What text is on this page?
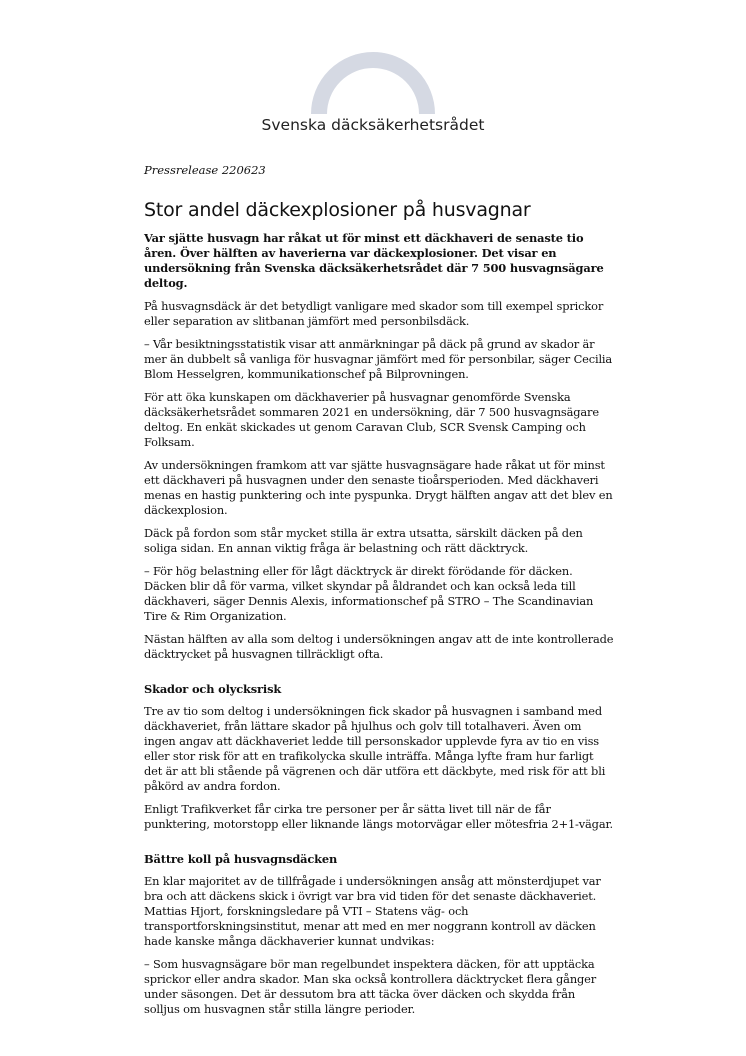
Svenska däcksäkerhetsrådet
Pressrelease 220623
Stor andel däckexplosioner på husvagnar

Var sjätte husvagn har råkat ut för minst ett däckhaveri de senaste tio åren. Över hälften av haverierna var däckexplosioner. Det visar en undersökning från Svenska däcksäkerhetsrådet där 7 500 husvagnsägare deltog.

På husvagnsdäck är det betydligt vanligare med skador som till exempel sprickor eller separation av slitbanan jämfört med personbilsdäck.

– Vår besiktningsstatistik visar att anmärkningar på däck på grund av skador är mer än dubbelt så vanliga för husvagnar jämfört med för personbilar, säger Cecilia Blom Hesselgren, kommunikationschef på Bilprovningen.

För att öka kunskapen om däckhaverier på husvagnar genomförde Svenska däcksäkerhetsrådet sommaren 2021 en undersökning, där 7 500 husvagnsägare deltog. En enkät skickades ut genom Caravan Club, SCR Svensk Camping och Folksam.

Av undersökningen framkom att var sjätte husvagnsägare hade råkat ut för minst ett däckhaveri på husvagnen under den senaste tioårsperioden. Med däckhaveri menas en hastig punktering och inte pyspunka. Drygt hälften angav att det blev en däckexplosion.

Däck på fordon som står mycket stilla är extra utsatta, särskilt däcken på den soliga sidan. En annan viktig fråga är belastning och rätt däcktryck.

– För hög belastning eller för lågt däcktryck är direkt förödande för däcken. Däcken blir då för varma, vilket skyndar på åldrandet och kan också leda till däckhaveri, säger Dennis Alexis, informationschef på STRO – The Scandinavian Tire & Rim Organization.

Nästan hälften av alla som deltog i undersökningen angav att de inte kontrollerade däcktrycket på husvagnen tillräckligt ofta.

Skador och olycksrisk

Tre av tio som deltog i undersökningen fick skador på husvagnen i samband med däckhaveriet, från lättare skador på hjulhus och golv till totalhaveri. Även om ingen angav att däckhaveriet ledde till personskador upplevde fyra av tio en viss eller stor risk för att en trafikolycka skulle inträffa. Många lyfte fram hur farligt det är att bli stående på vägrenen och där utföra ett däckbyte, med risk för att bli påkörd av andra fordon.

Enligt Trafikverket får cirka tre personer per år sätta livet till när de får punktering, motorstopp eller liknande längs motorvägar eller mötesfria 2+1-vägar.

Bättre koll på husvagnsdäcken

En klar majoritet av de tillfrågade i undersökningen ansåg att mönsterdjupet var bra och att däckens skick i övrigt var bra vid tiden för det senaste däckhaveriet. Mattias Hjort, forskningsledare på VTI – Statens väg- och transportforskningsinstitut, menar att med en mer noggrann kontroll av däcken hade kanske många däckhaverier kunnat undvikas:

– Som husvagnsägare bör man regelbundet inspektera däcken, för att upptäcka sprickor eller andra skador. Man ska också kontrollera däcktrycket flera gånger under säsongen. Det är dessutom bra att täcka över däcken och skydda från solljus om husvagnen står stilla längre perioder.
